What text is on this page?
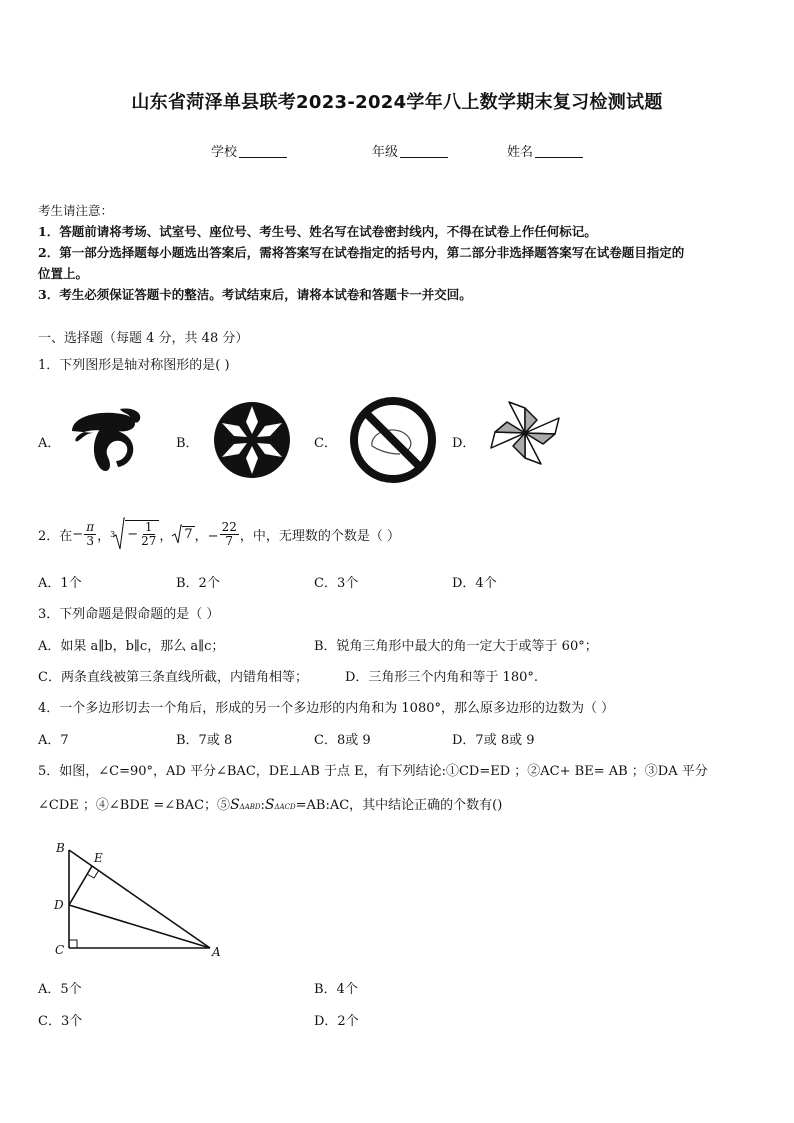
山东省菏泽单县联考2023-2024学年八上数学期末复习检测试题
学校	年级	姓名
考生请注意：
1．答题前请将考场、试室号、座位号、考生号、姓名写在试卷密封线内，不得在试卷上作任何标记。
2．第一部分选择题每小题选出答案后，需将答案写在试卷指定的括号内，第二部分非选择题答案写在试卷题目指定的
位置上。
3．考生必须保证答题卡的整洁。考试结束后，请将本试卷和答题卡一并交回。
一、选择题（每题 4 分，共 48 分）
1．下列图形是轴对称图形的是( )
A．	B．	C．	D．
2．在 − $\frac{\pi}{3}$ ， $3 - \frac{1}{27}$ ， 7 ，− $\frac{22}{7}$ ，中，无理数的个数是（ ）
A．1个	B．2个	C．3个	D．4个
3．下列命题是假命题的是（ ）
A．如果 a∥b，b∥c，那么 a∥c；	B．锐角三角形中最大的角一定大于或等于 60°；
C．两条直线被第三条直线所截，内错角相等；	D．三角形三个内角和等于 180°.
4．一个多边形切去一个角后，形成的另一个多边形的内角和为 1080°，那么原多边形的边数为（ ）
A．7	B．7或 8	C．8或 9	D．7或 8或 9
5．如图，∠C=90°，AD 平分∠BAC，DE⊥AB 于点 E，有下列结论:①CD=ED ；②AC+ BE= AB ；③DA 平分
∠CDE ；④∠BDE =∠BAC；⑤ S ΔABD : S ΔACD =AB:AC，其中结论正确的个数有()
B
E
D
C	A
A．5个	B．4个
C．3个	D．2个
